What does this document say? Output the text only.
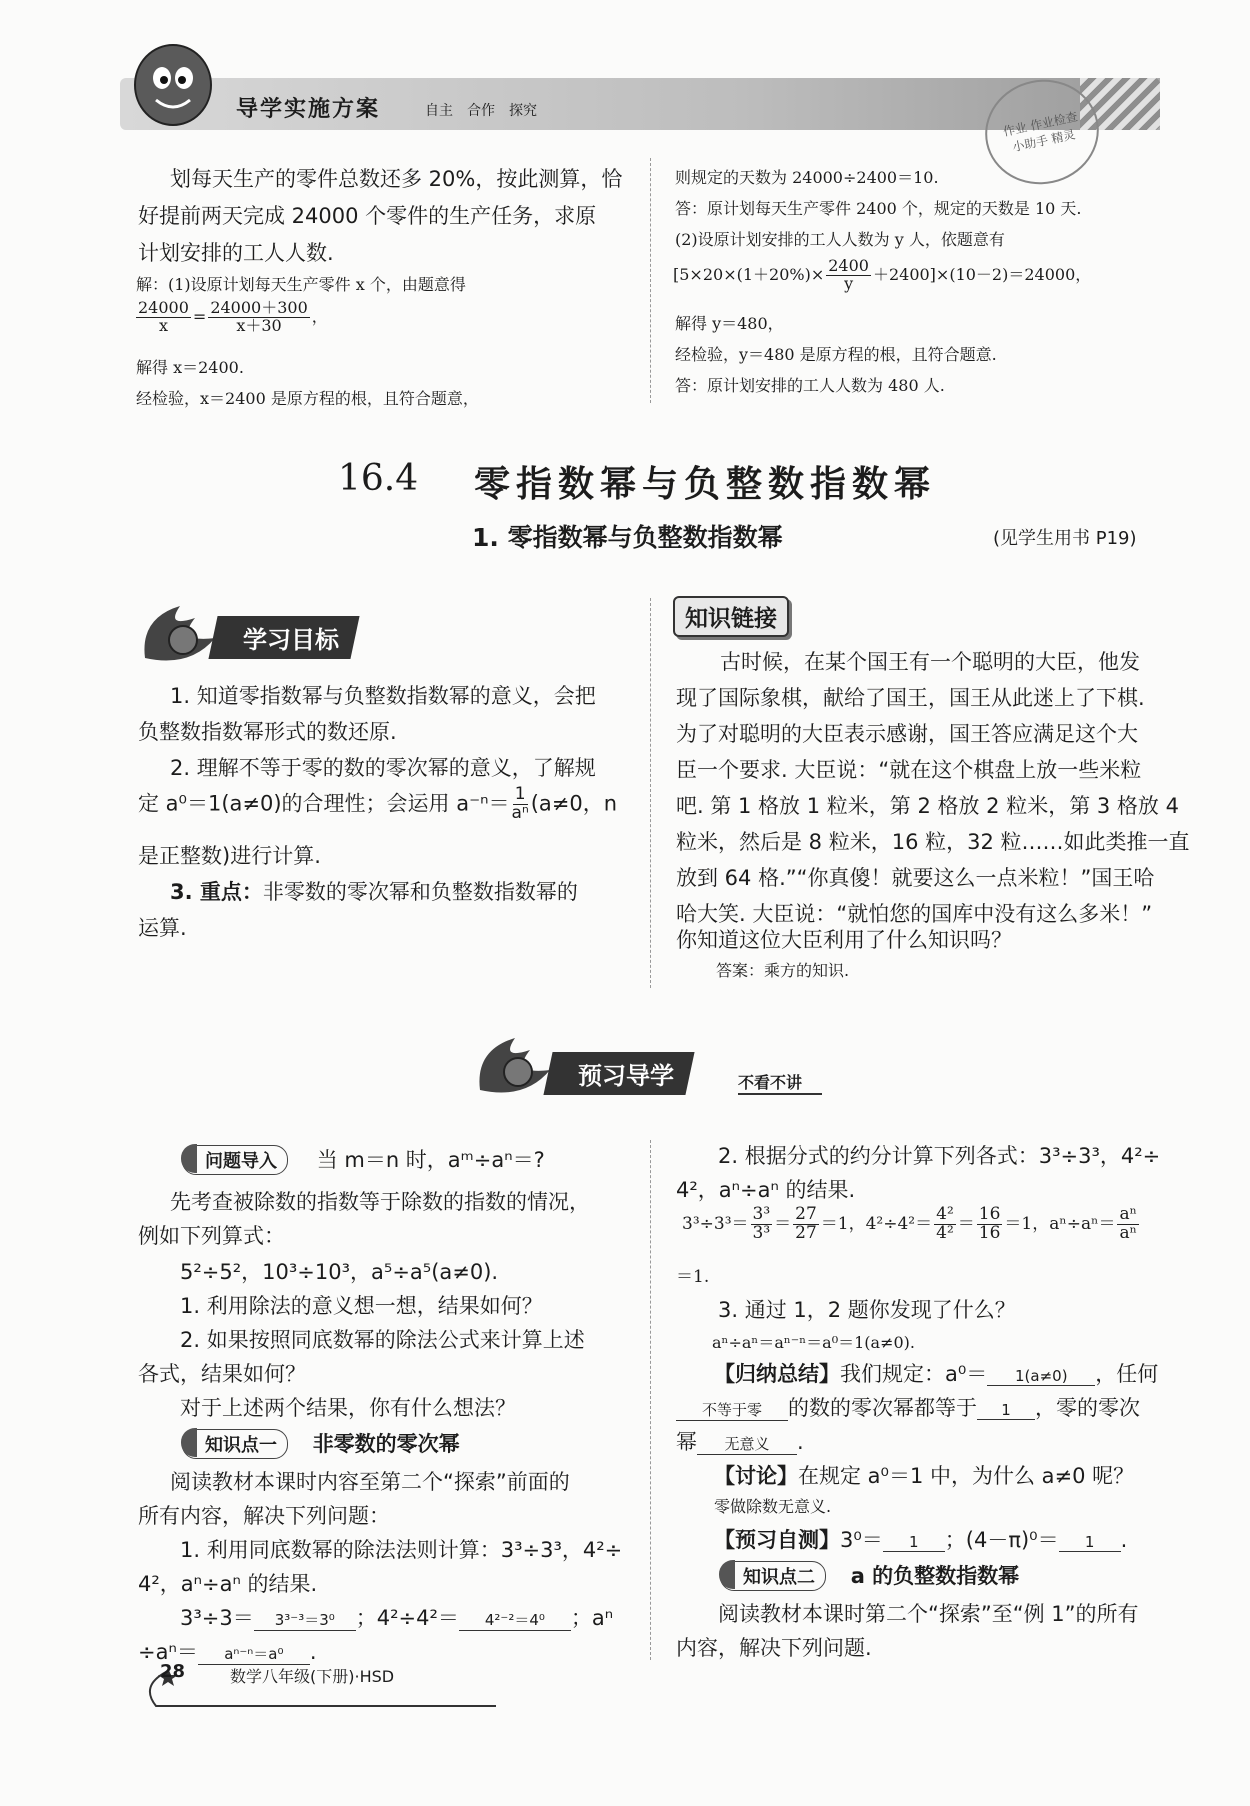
导学实施方案	自主　合作　探究	作业 作业检查小助手 精灵
划每天生产的零件总数还多 20%，按此测算，恰
好提前两天完成 24000 个零件的生产任务，求原
计划安排的工人人数.
解：(1)设原计划每天生产零件 x 个，由题意得
$\frac{24000}{x} = \frac{24000+300}{x+30}$ ，
解得 x＝2400.
经检验，x＝2400 是原方程的根，且符合题意，
则规定的天数为 24000÷2400＝10.
答：原计划每天生产零件 2400 个，规定的天数是 10 天.
(2)设原计划安排的工人人数为 y 人，依题意有
$[5\times 20\times(1+20\%)\times \frac{2400}{y} +2400]\times(10-2)=24000$，
解得 y＝480，
经检验，y＝480 是原方程的根，且符合题意.
答：原计划安排的工人人数为 480 人.
16.4 零指数幂与负整数指数幂
1. 零指数幂与负整数指数幂	(见学生用书 P19)
学习目标
1. 知道零指数幂与负整数指数幂的意义，会把
负整数指数幂形式的数还原.
2. 理解不等于零的数的零次幂的意义，了解规
定 a⁰＝1(a≠0)的合理性；会运用 $a^{-n}= \frac{1}{\text{aⁿ}} (a\ne 0$，n
是正整数)进行计算.
3. 重点：非零数的零次幂和负整数指数幂的
运算.
知识链接
古时候，在某个国王有一个聪明的大臣，他发
现了国际象棋，献给了国王，国王从此迷上了下棋.
为了对聪明的大臣表示感谢，国王答应满足这个大
臣一个要求. 大臣说：“就在这个棋盘上放一些米粒
吧. 第 1 格放 1 粒米，第 2 格放 2 粒米，第 3 格放 4
粒米，然后是 8 粒米，16 粒，32 粒……如此类推一直
放到 64 格.”“你真傻！就要这么一点米粒！”国王哈
哈大笑. 大臣说：“就怕您的国库中没有这么多米！”
你知道这位大臣利用了什么知识吗？
答案：乘方的知识.
预习导学	不看不讲
问题导入 当 m＝n 时，aᵐ÷aⁿ＝?
先考查被除数的指数等于除数的指数的情况，
例如下列算式：
5²÷5²，10³÷10³，a⁵÷a⁵(a≠0).
1. 利用除法的意义想一想，结果如何？
2. 如果按照同底数幂的除法公式来计算上述
各式，结果如何？
对于上述两个结果，你有什么想法？
知识点一 非零数的零次幂
阅读教材本课时内容至第二个“探索”前面的
所有内容，解决下列问题：
1. 利用同底数幂的除法法则计算：3³÷3³，4²÷
4²，aⁿ÷aⁿ 的结果.
3³÷3＝ 3³⁻³＝3⁰ ；4²÷4²＝ 4²⁻²＝4⁰ ；aⁿ
÷aⁿ＝ aⁿ⁻ⁿ＝a⁰ .
2. 根据分式的约分计算下列各式：3³÷3³，4²÷
4²，aⁿ÷aⁿ 的结果.
$3^3\div 3^3= \frac{\text{3³}}{\text{3³}} = \frac{27}{27} =1$，$4^2\div 4^2= \frac{\text{4²}}{\text{4²}} = \frac{16}{16} =1$，$a^n\div a^n= \frac{\text{aⁿ}}{\text{aⁿ}}$
＝1.
3. 通过 1，2 题你发现了什么？
aⁿ÷aⁿ＝aⁿ⁻ⁿ＝a⁰＝1(a≠0).
【归纳总结】我们规定：a⁰＝ 1(a≠0) ，任何
不等于零 的数的零次幂都等于 1 ，零的零次
幂 无意义 .
【讨论】在规定 a⁰＝1 中，为什么 a≠0 呢？
零做除数无意义.
【预习自测】3⁰＝ 1 ；(4－π)⁰＝ 1 .
知识点二 a 的负整数指数幂
阅读教材本课时第二个“探索”至“例 1”的所有
内容，解决下列问题.
28	数学八年级(下册)·HSD
